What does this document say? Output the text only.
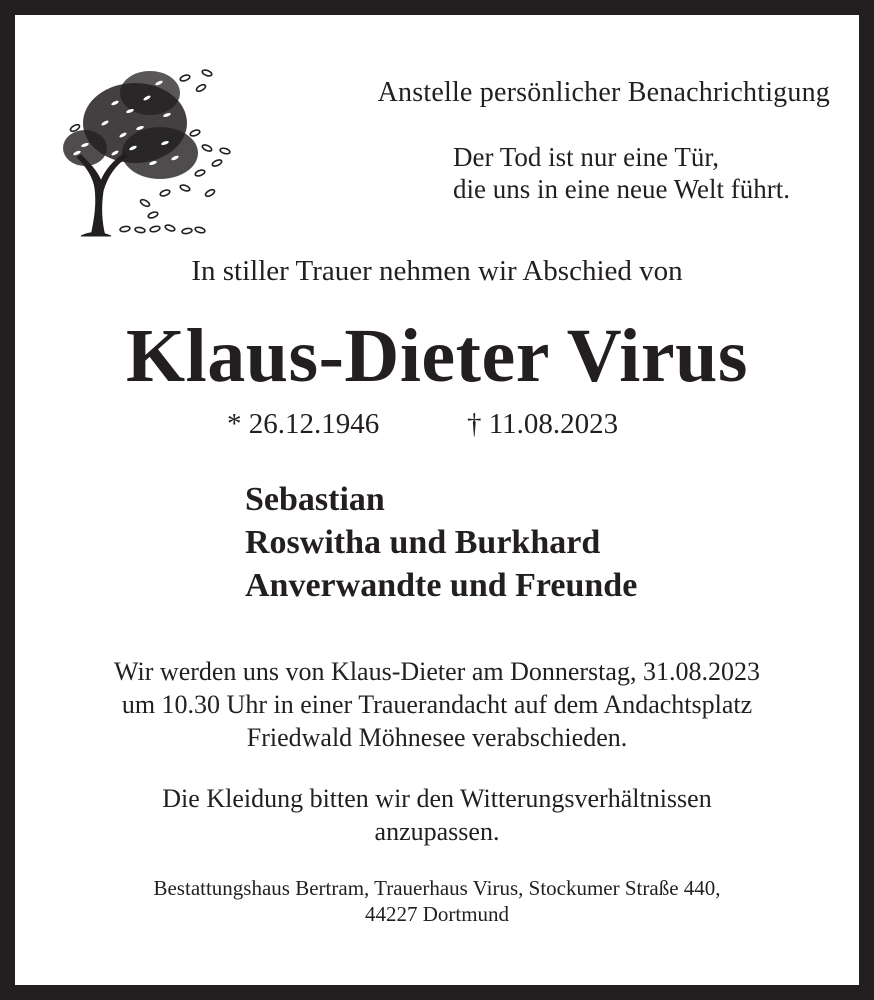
Anstelle persönlicher Benachrichtigung
Der Tod ist nur eine Tür,
die uns in eine neue Welt führt.
In stiller Trauer nehmen wir Abschied von
Klaus-Dieter Virus
* 26.12.1946	† 11.08.2023
Sebastian
Roswitha und Burkhard
Anverwandte und Freunde
Wir werden uns von Klaus-Dieter am Donnerstag, 31.08.2023
um 10.30 Uhr in einer Trauerandacht auf dem Andachtsplatz
Friedwald Möhnesee verabschieden.
Die Kleidung bitten wir den Witterungsverhältnissen
anzupassen.
Bestattungshaus Bertram, Trauerhaus Virus, Stockumer Straße 440,
44227 Dortmund
